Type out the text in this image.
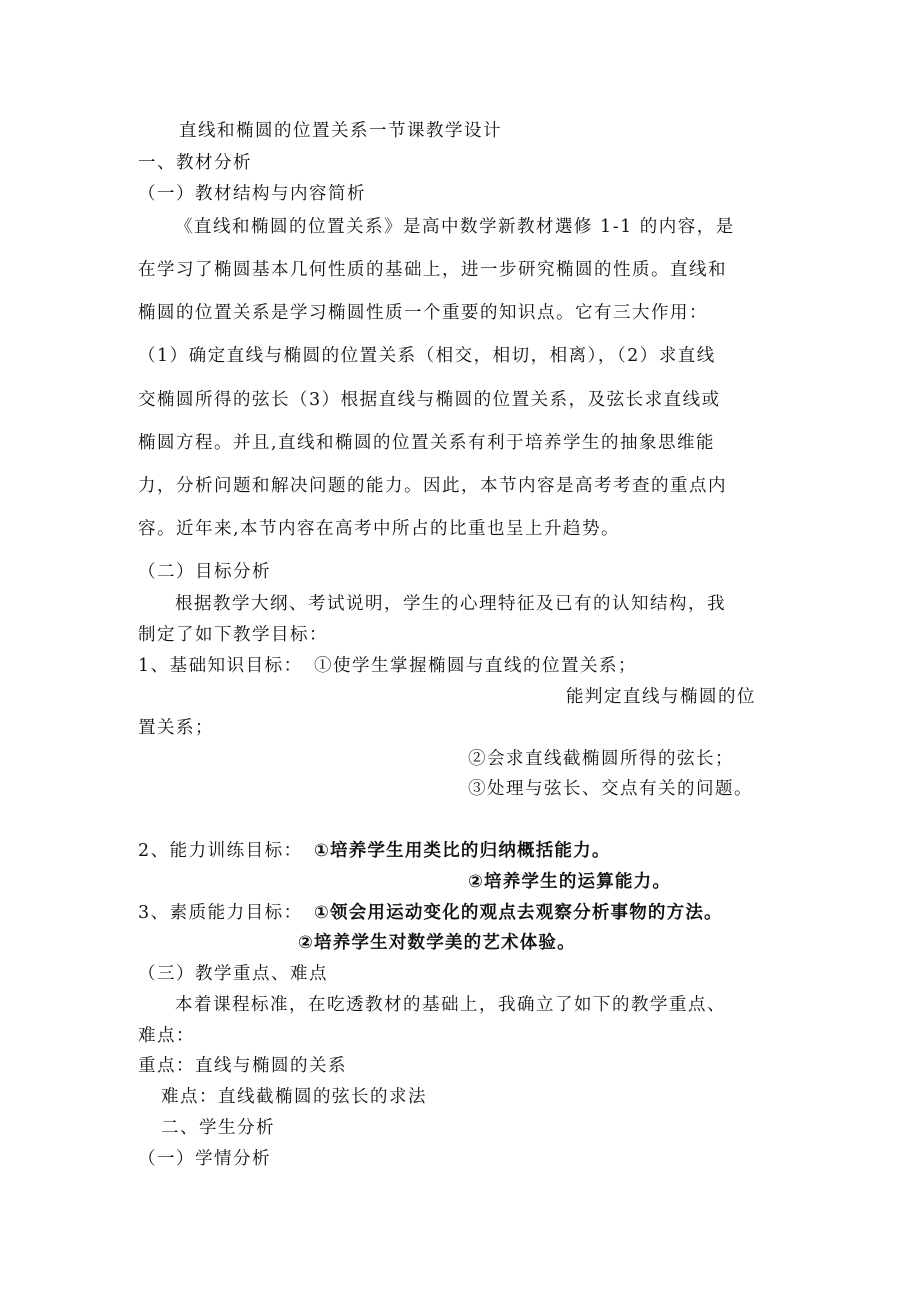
直线和椭圆的位置关系一节课教学设计
一、教材分析
（一）教材结构与内容简析
《直线和椭圆的位置关系》是高中数学新教材選修 1-1 的内容，是
在学习了椭圆基本几何性质的基础上，进一步研究椭圆的性质。直线和
椭圆的位置关系是学习椭圆性质一个重要的知识点。它有三大作用：
（1）确定直线与椭圆的位置关系（相交，相切，相离），（2）求直线
交椭圆所得的弦长（3）根据直线与椭圆的位置关系，及弦长求直线或
椭圆方程。并且,直线和椭圆的位置关系有利于培养学生的抽象思维能
力，分析问题和解决问题的能力。因此，本节内容是高考考查的重点内
容。近年来,本节内容在高考中所占的比重也呈上升趋势。
（二）目标分析
根据教学大纲、考试说明，学生的心理特征及已有的认知结构，我
制定了如下教学目标：
1、基础知识目标： ①使学生掌握椭圆与直线的位置关系；
能判定直线与椭圆的位
置关系；
②会求直线截椭圆所得的弦长；
③处理与弦长、交点有关的问题。
2、能力训练目标： ①培养学生用类比的归纳概括能力。
②培养学生的运算能力。
3、素质能力目标： ①领会用运动变化的观点去观察分析事物的方法。
②培养学生对数学美的艺术体验。
（三）教学重点、难点
本着课程标准，在吃透教材的基础上，我确立了如下的教学重点、
难点：
重点：直线与椭圆的关系
难点：直线截椭圆的弦长的求法
二、学生分析
（一）学情分析
